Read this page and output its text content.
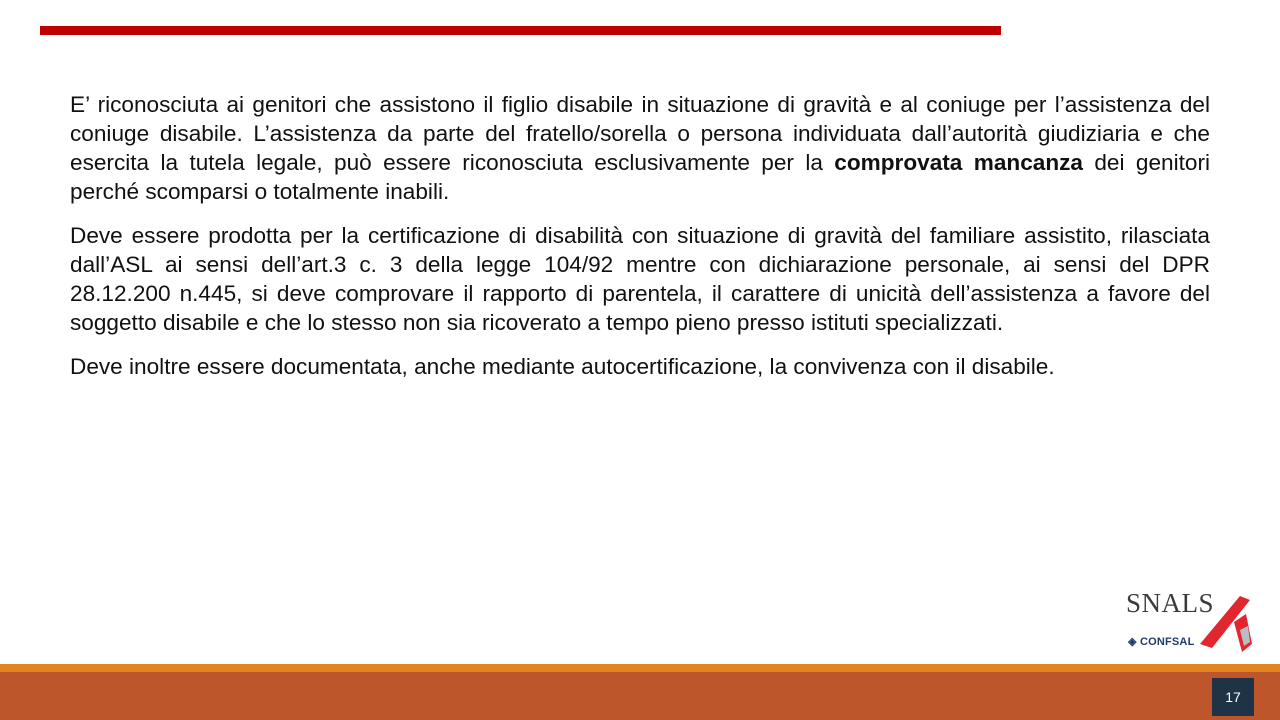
E’ riconosciuta ai genitori che assistono il figlio disabile in situazione di gravità e al coniuge per l’assistenza del coniuge disabile. L’assistenza da parte del fratello/sorella o persona individuata dall’autorità giudiziaria e che esercita la tutela legale, può essere riconosciuta esclusivamente per la comprovata mancanza dei genitori perché scomparsi o totalmente inabili.

Deve essere prodotta per la certificazione di disabilità con situazione di gravità del familiare assistito, rilasciata dall’ASL ai sensi dell’art.3 c. 3 della legge 104/92 mentre con dichiarazione personale, ai sensi del DPR 28.12.200 n.445, si deve comprovare il rapporto di parentela, il carattere di unicità dell’assistenza a favore del soggetto disabile e che lo stesso non sia ricoverato a tempo pieno presso istituti specializzati.

Deve inoltre essere documentata, anche mediante autocertificazione, la convivenza con il disabile.

SNALS
◈ CONFSAL
17
